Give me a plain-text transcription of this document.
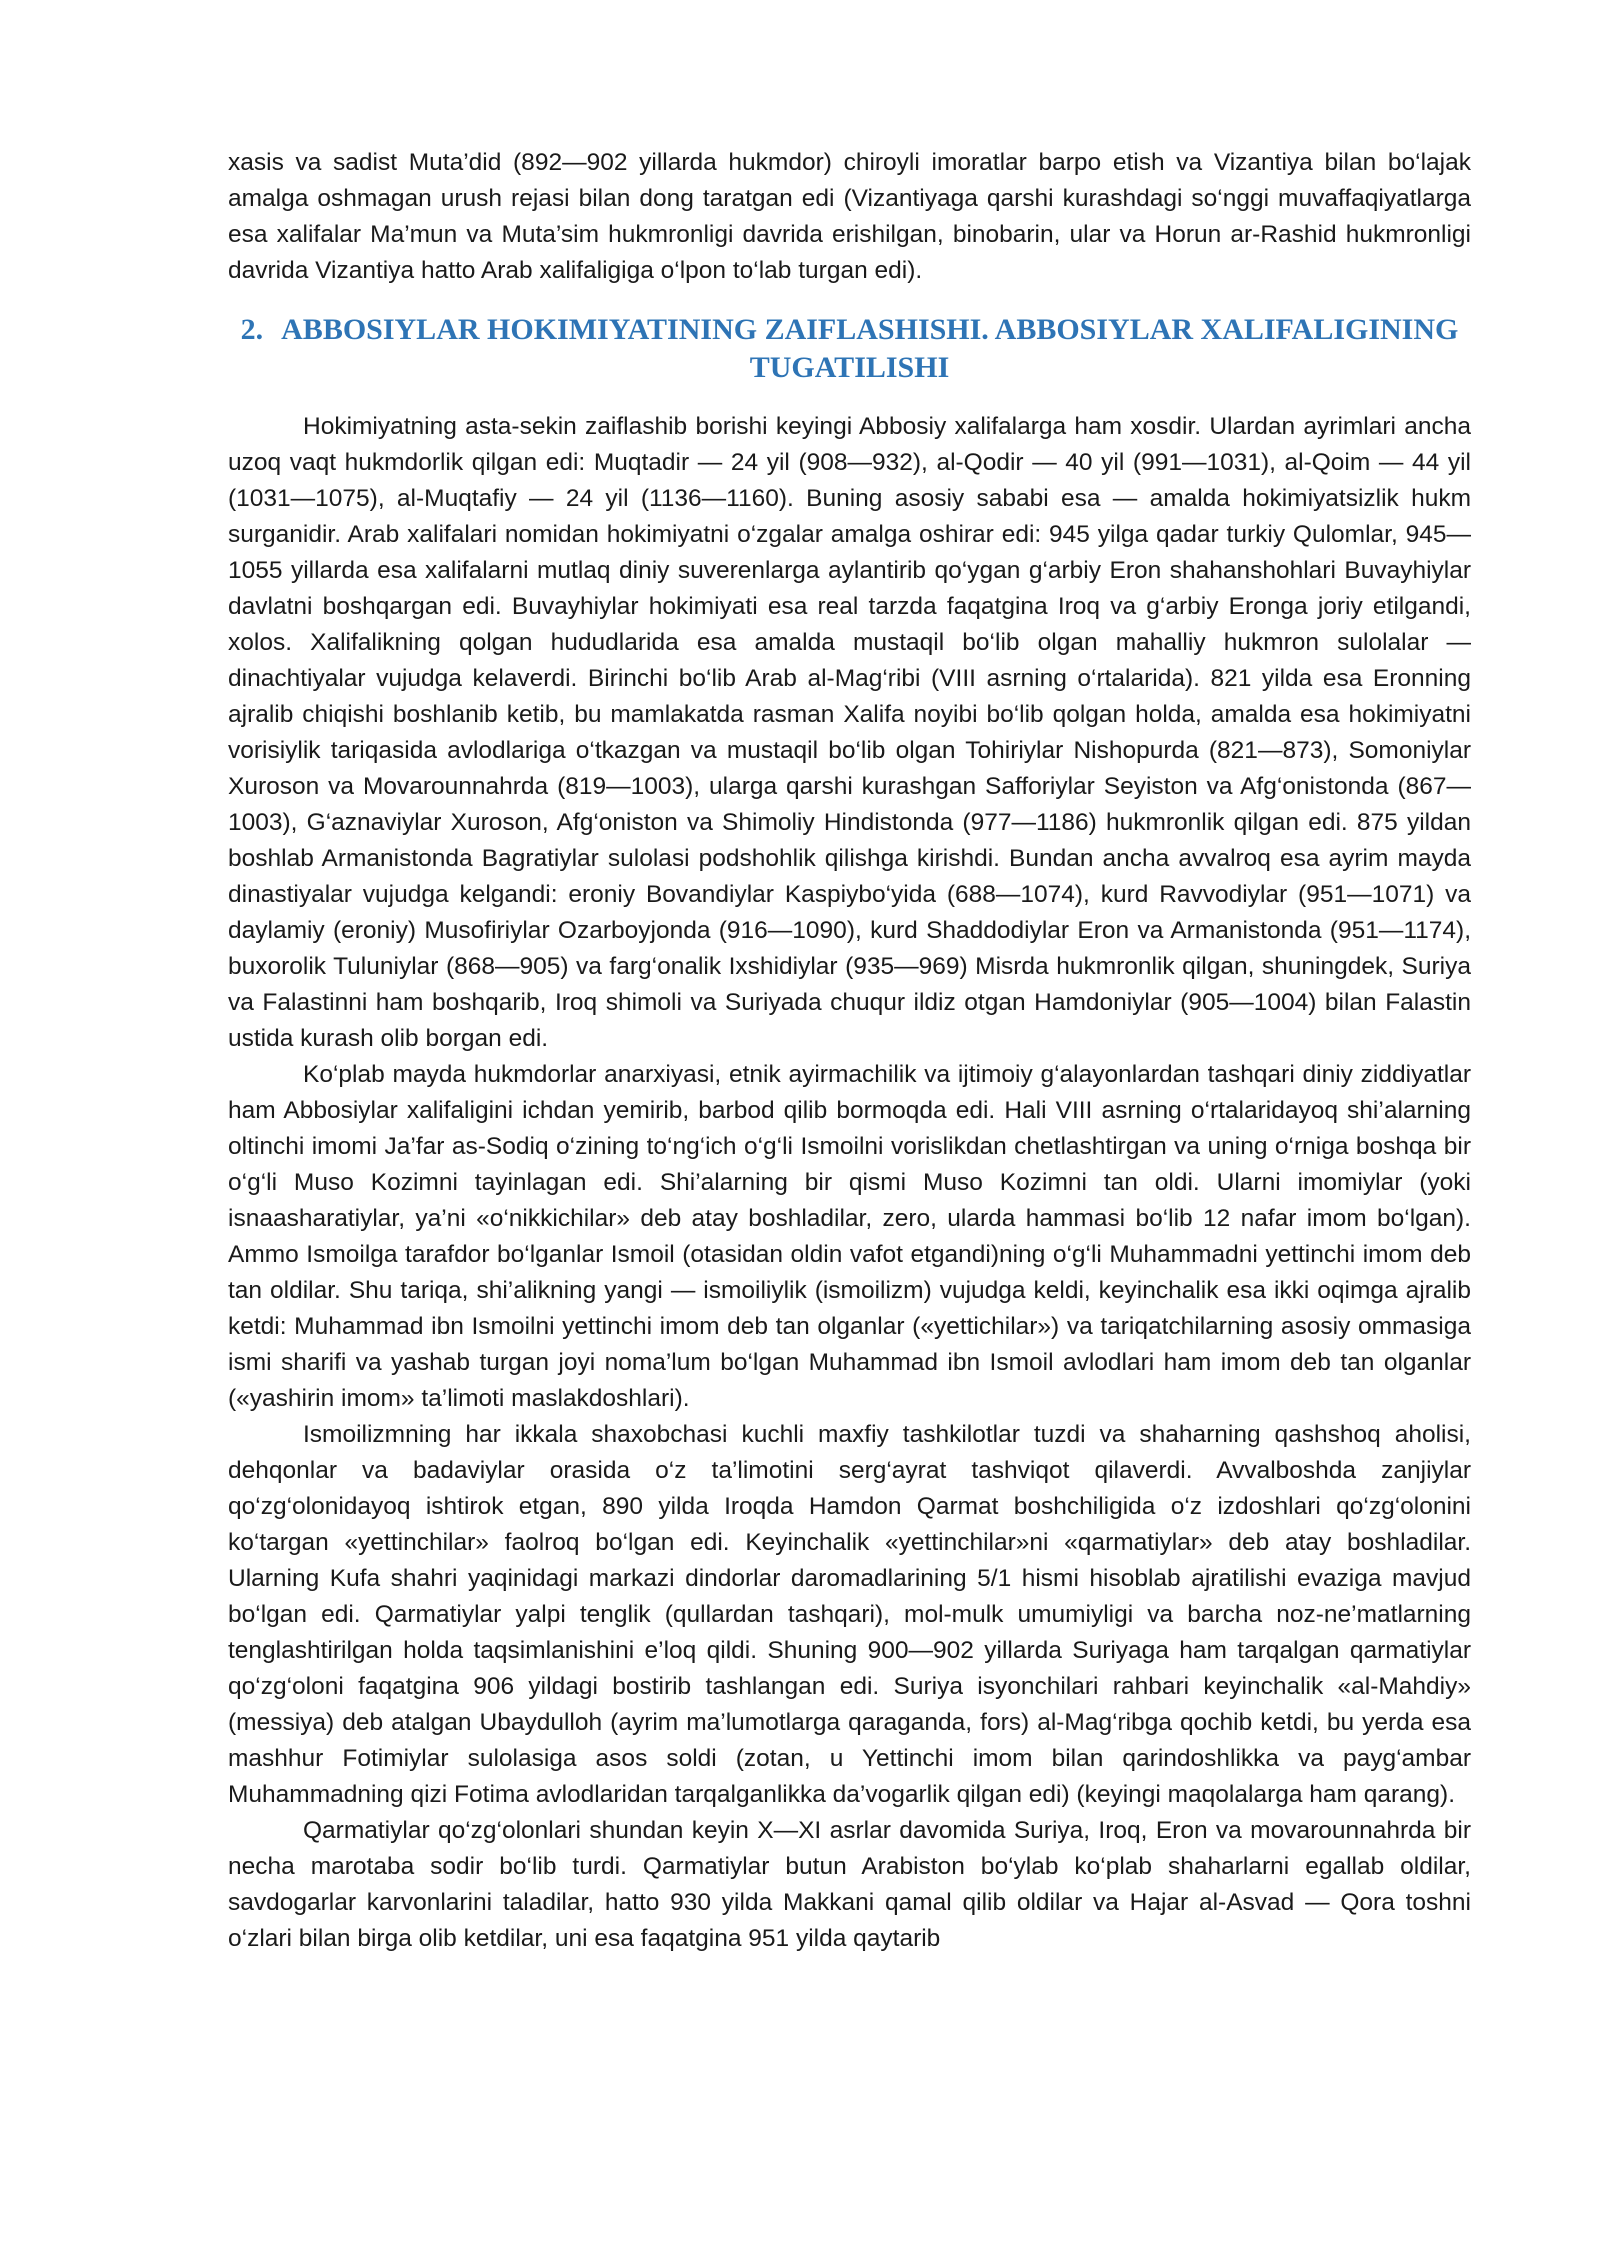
xasis va sadist Muta’did (892—902 yillarda hukmdor) chiroyli imoratlar barpo etish va Vizantiya bilan bo‘lajak amalga oshmagan urush rejasi bilan dong taratgan edi (Vizantiyaga qarshi kurashdagi so‘nggi muvaffaqiyatlarga esa xalifalar Ma’mun va Muta’sim hukmronligi davrida erishilgan, binobarin, ular va Horun ar-Rashid hukmronligi davrida Vizantiya hatto Arab xalifaligiga o‘lpon to‘lab turgan edi).

2. ABBOSIYLAR HOKIMIYATINING ZAIFLASHISHI. ABBOSIYLAR XALIFALIGINING TUGATILISHI

Hokimiyatning asta-sekin zaiflashib borishi keyingi Abbosiy xalifalarga ham xosdir. Ulardan ayrimlari ancha uzoq vaqt hukmdorlik qilgan edi: Muqtadir — 24 yil (908—932), al-Qodir — 40 yil (991—1031), al-Qoim — 44 yil (1031—1075), al-Muqtafiy — 24 yil (1136—1160). Buning asosiy sababi esa — amalda hokimiyatsizlik hukm surganidir. Arab xalifalari nomidan hokimiyatni o‘zgalar amalga oshirar edi: 945 yilga qadar turkiy Qulomlar, 945—1055 yillarda esa xalifalarni mutlaq diniy suverenlarga aylantirib qo‘ygan g‘arbiy Eron shahanshohlari Buvayhiylar davlatni boshqargan edi. Buvayhiylar hokimiyati esa real tarzda faqatgina Iroq va g‘arbiy Eronga joriy etilgandi, xolos. Xalifalikning qolgan hududlarida esa amalda mustaqil bo‘lib olgan mahalliy hukmron sulolalar — dinachtiyalar vujudga kelaverdi. Birinchi bo‘lib Arab al-Mag‘ribi (VIII asrning o‘rtalarida). 821 yilda esa Eronning ajralib chiqishi boshlanib ketib, bu mamlakatda rasman Xalifa noyibi bo‘lib qolgan holda, amalda esa hokimiyatni vorisiylik tariqasida avlodlariga o‘tkazgan va mustaqil bo‘lib olgan Tohiriylar Nishopurda (821—873), Somoniylar Xuroson va Movarounnahrda (819—1003), ularga qarshi kurashgan Safforiylar Seyiston va Afg‘onistonda (867—1003), G‘aznaviylar Xuroson, Afg‘oniston va Shimoliy Hindistonda (977—1186) hukmronlik qilgan edi. 875 yildan boshlab Armanistonda Bagratiylar sulolasi podshohlik qilishga kirishdi. Bundan ancha avvalroq esa ayrim mayda dinastiyalar vujudga kelgandi: eroniy Bovandiylar Kaspiybo‘yida (688—1074), kurd Ravvodiylar (951—1071) va daylamiy (eroniy) Musofiriylar Ozarboyjonda (916—1090), kurd Shaddodiylar Eron va Armanistonda (951—1174), buxorolik Tuluniylar (868—905) va farg‘onalik Ixshidiylar (935—969) Misrda hukmronlik qilgan, shuningdek, Suriya va Falastinni ham boshqarib, Iroq shimoli va Suriyada chuqur ildiz otgan Hamdoniylar (905—1004) bilan Falastin ustida kurash olib borgan edi.

Ko‘plab mayda hukmdorlar anarxiyasi, etnik ayirmachilik va ijtimoiy g‘alayonlardan tashqari diniy ziddiyatlar ham Abbosiylar xalifaligini ichdan yemirib, barbod qilib bormoqda edi. Hali VIII asrning o‘rtalaridayoq shi’alarning oltinchi imomi Ja’far as-Sodiq o‘zining to‘ng‘ich o‘g‘li Ismoilni vorislikdan chetlashtirgan va uning o‘rniga boshqa bir o‘g‘li Muso Kozimni tayinlagan edi. Shi’alarning bir qismi Muso Kozimni tan oldi. Ularni imomiylar (yoki isnaasharatiylar, ya’ni «o‘nikkichilar» deb atay boshladilar, zero, ularda hammasi bo‘lib 12 nafar imom bo‘lgan). Ammo Ismoilga tarafdor bo‘lganlar Ismoil (otasidan oldin vafot etgandi)ning o‘g‘li Muhammadni yettinchi imom deb tan oldilar. Shu tariqa, shi’alikning yangi — ismoiliylik (ismoilizm) vujudga keldi, keyinchalik esa ikki oqimga ajralib ketdi: Muhammad ibn Ismoilni yettinchi imom deb tan olganlar («yettichilar») va tariqatchilarning asosiy ommasiga ismi sharifi va yashab turgan joyi noma’lum bo‘lgan Muhammad ibn Ismoil avlodlari ham imom deb tan olganlar («yashirin imom» ta’limoti maslakdoshlari).

Ismoilizmning har ikkala shaxobchasi kuchli maxfiy tashkilotlar tuzdi va shaharning qashshoq aholisi, dehqonlar va badaviylar orasida o‘z ta’limotini serg‘ayrat tashviqot qilaverdi. Avvalboshda zanjiylar qo‘zg‘olonidayoq ishtirok etgan, 890 yilda Iroqda Hamdon Qarmat boshchiligida o‘z izdoshlari qo‘zg‘olonini ko‘targan «yettinchilar» faolroq bo‘lgan edi. Keyinchalik «yettinchilar»ni «qarmatiylar» deb atay boshladilar. Ularning Kufa shahri yaqinidagi markazi dindorlar daromadlarining 5/1 hismi hisoblab ajratilishi evaziga mavjud bo‘lgan edi. Qarmatiylar yalpi tenglik (qullardan tashqari), mol-mulk umumiyligi va barcha noz-ne’matlarning tenglashtirilgan holda taqsimlanishini e’loq qildi. Shuning 900—902 yillarda Suriyaga ham tarqalgan qarmatiylar qo‘zg‘oloni faqatgina 906 yildagi bostirib tashlangan edi. Suriya isyonchilari rahbari keyinchalik «al-Mahdiy» (messiya) deb atalgan Ubaydulloh (ayrim ma’lumotlarga qaraganda, fors) al-Mag‘ribga qochib ketdi, bu yerda esa mashhur Fotimiylar sulolasiga asos soldi (zotan, u Yettinchi imom bilan qarindoshlikka va payg‘ambar Muhammadning qizi Fotima avlodlaridan tarqalganlikka da’vogarlik qilgan edi) (keyingi maqolalarga ham qarang).

Qarmatiylar qo‘zg‘olonlari shundan keyin X—XI asrlar davomida Suriya, Iroq, Eron va movarounnahrda bir necha marotaba sodir bo‘lib turdi. Qarmatiylar butun Arabiston bo‘ylab ko‘plab shaharlarni egallab oldilar, savdogarlar karvonlarini taladilar, hatto 930 yilda Makkani qamal qilib oldilar va Hajar al-Asvad — Qora toshni o‘zlari bilan birga olib ketdilar, uni esa faqatgina 951 yilda qaytarib
